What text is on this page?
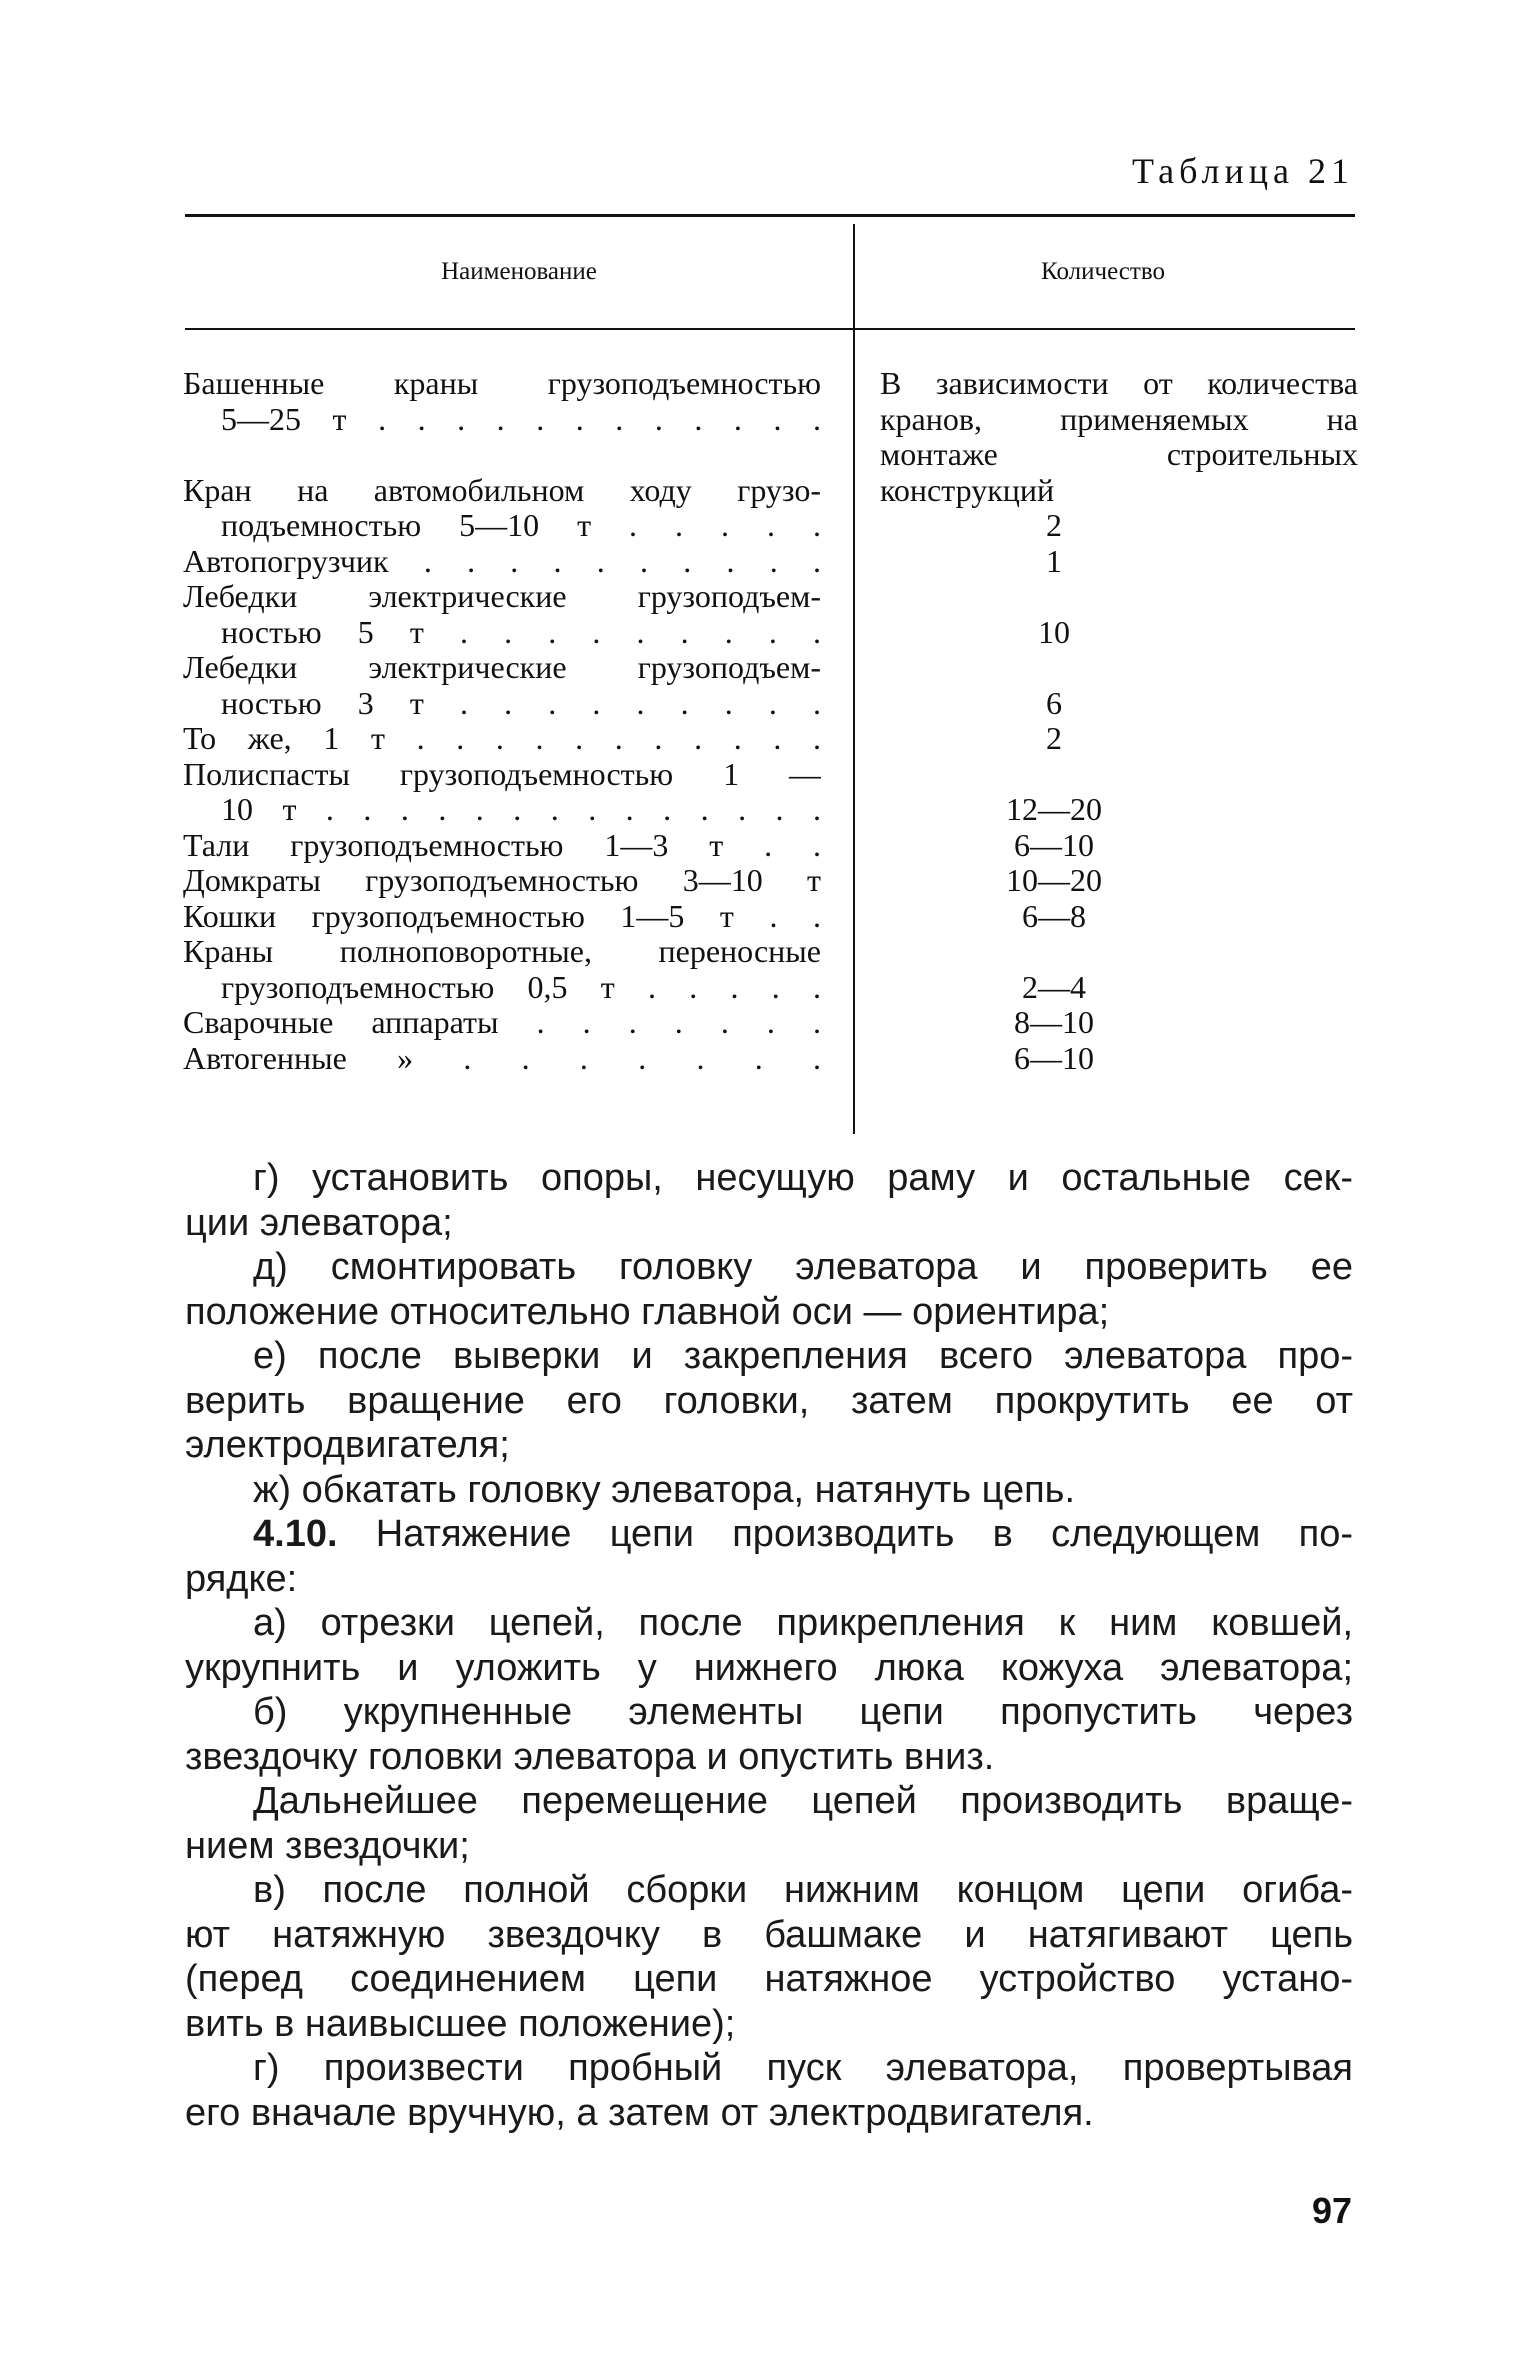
Таблица 21
Наименование	Количество
Башенные краны грузоподъемностью
5—25 т . . . . . . . . . . . .
Кран на автомобильном ходу грузо-
подъемностью 5—10 т . . . . .
Автопогрузчик . . . . . . . . . .
Лебедки электрические грузоподъем-
ностью 5 т . . . . . . . . .
Лебедки электрические грузоподъем-
ностью 3 т . . . . . . . . .
То же, 1 т . . . . . . . . . . .
Полиспасты грузоподъемностью 1 —
10 т . . . . . . . . . . . . . .
Тали грузоподъемностью 1—3 т . .
Домкраты грузоподъемностью 3—10 т
Кошки грузоподъемностью 1—5 т . .
Краны полноповоротные, переносные
грузоподъемностью 0,5 т . . . . .
Сварочные аппараты . . . . . . .
Автогенные » . . . . . . .
В зависимости от количества
кранов, применяемых на
монтаже строительных
конструкций
2
1
10
6
2
12—20
6—10
10—20
6—8
2—4
8—10
6—10
г) установить опоры, несущую раму и остальные сек-
ции элеватора;
д) смонтировать головку элеватора и проверить ее
положение относительно главной оси — ориентира;
е) после выверки и закрепления всего элеватора про-
верить вращение его головки, затем прокрутить ее от
электродвигателя;
ж) обкатать головку элеватора, натянуть цепь.
4.10. Натяжение цепи производить в следующем по-
рядке:
а) отрезки цепей, после прикрепления к ним ковшей,
укрупнить и уложить у нижнего люка кожуха элеватора;
б) укрупненные элементы цепи пропустить через
звездочку головки элеватора и опустить вниз.
Дальнейшее перемещение цепей производить враще-
нием звездочки;
в) после полной сборки нижним концом цепи огиба-
ют натяжную звездочку в башмаке и натягивают цепь
(перед соединением цепи натяжное устройство устано-
вить в наивысшее положение);
г) произвести пробный пуск элеватора, провертывая
его вначале вручную, а затем от электродвигателя.
97
